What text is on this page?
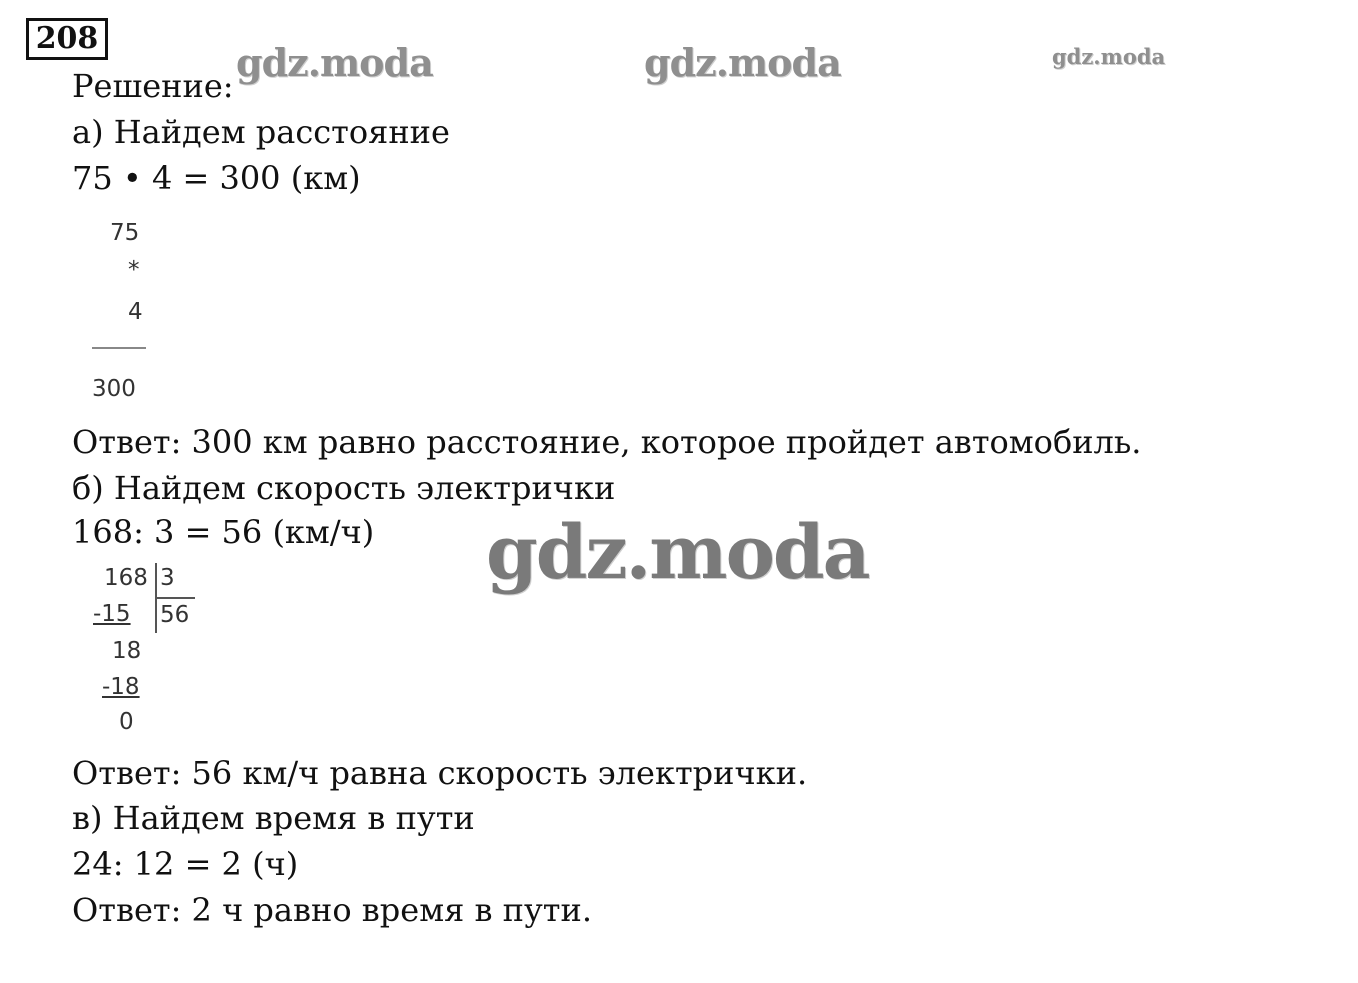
208
Решение:
а) Найдем расстояние
75 • 4 = 300 (км)
75
*
4
300
Ответ: 300 км равно расстояние, которое пройдет автомобиль.
б) Найдем скорость электрички
168: 3 = 56 (км/ч)
168 3
56
-15
18
-18
0
Ответ: 56 км/ч равна скорость электрички.
в) Найдем время в пути
24: 12 = 2 (ч)
Ответ: 2 ч равно время в пути.
gdz.moda	gdz.moda	gdz.moda
gdz.moda
